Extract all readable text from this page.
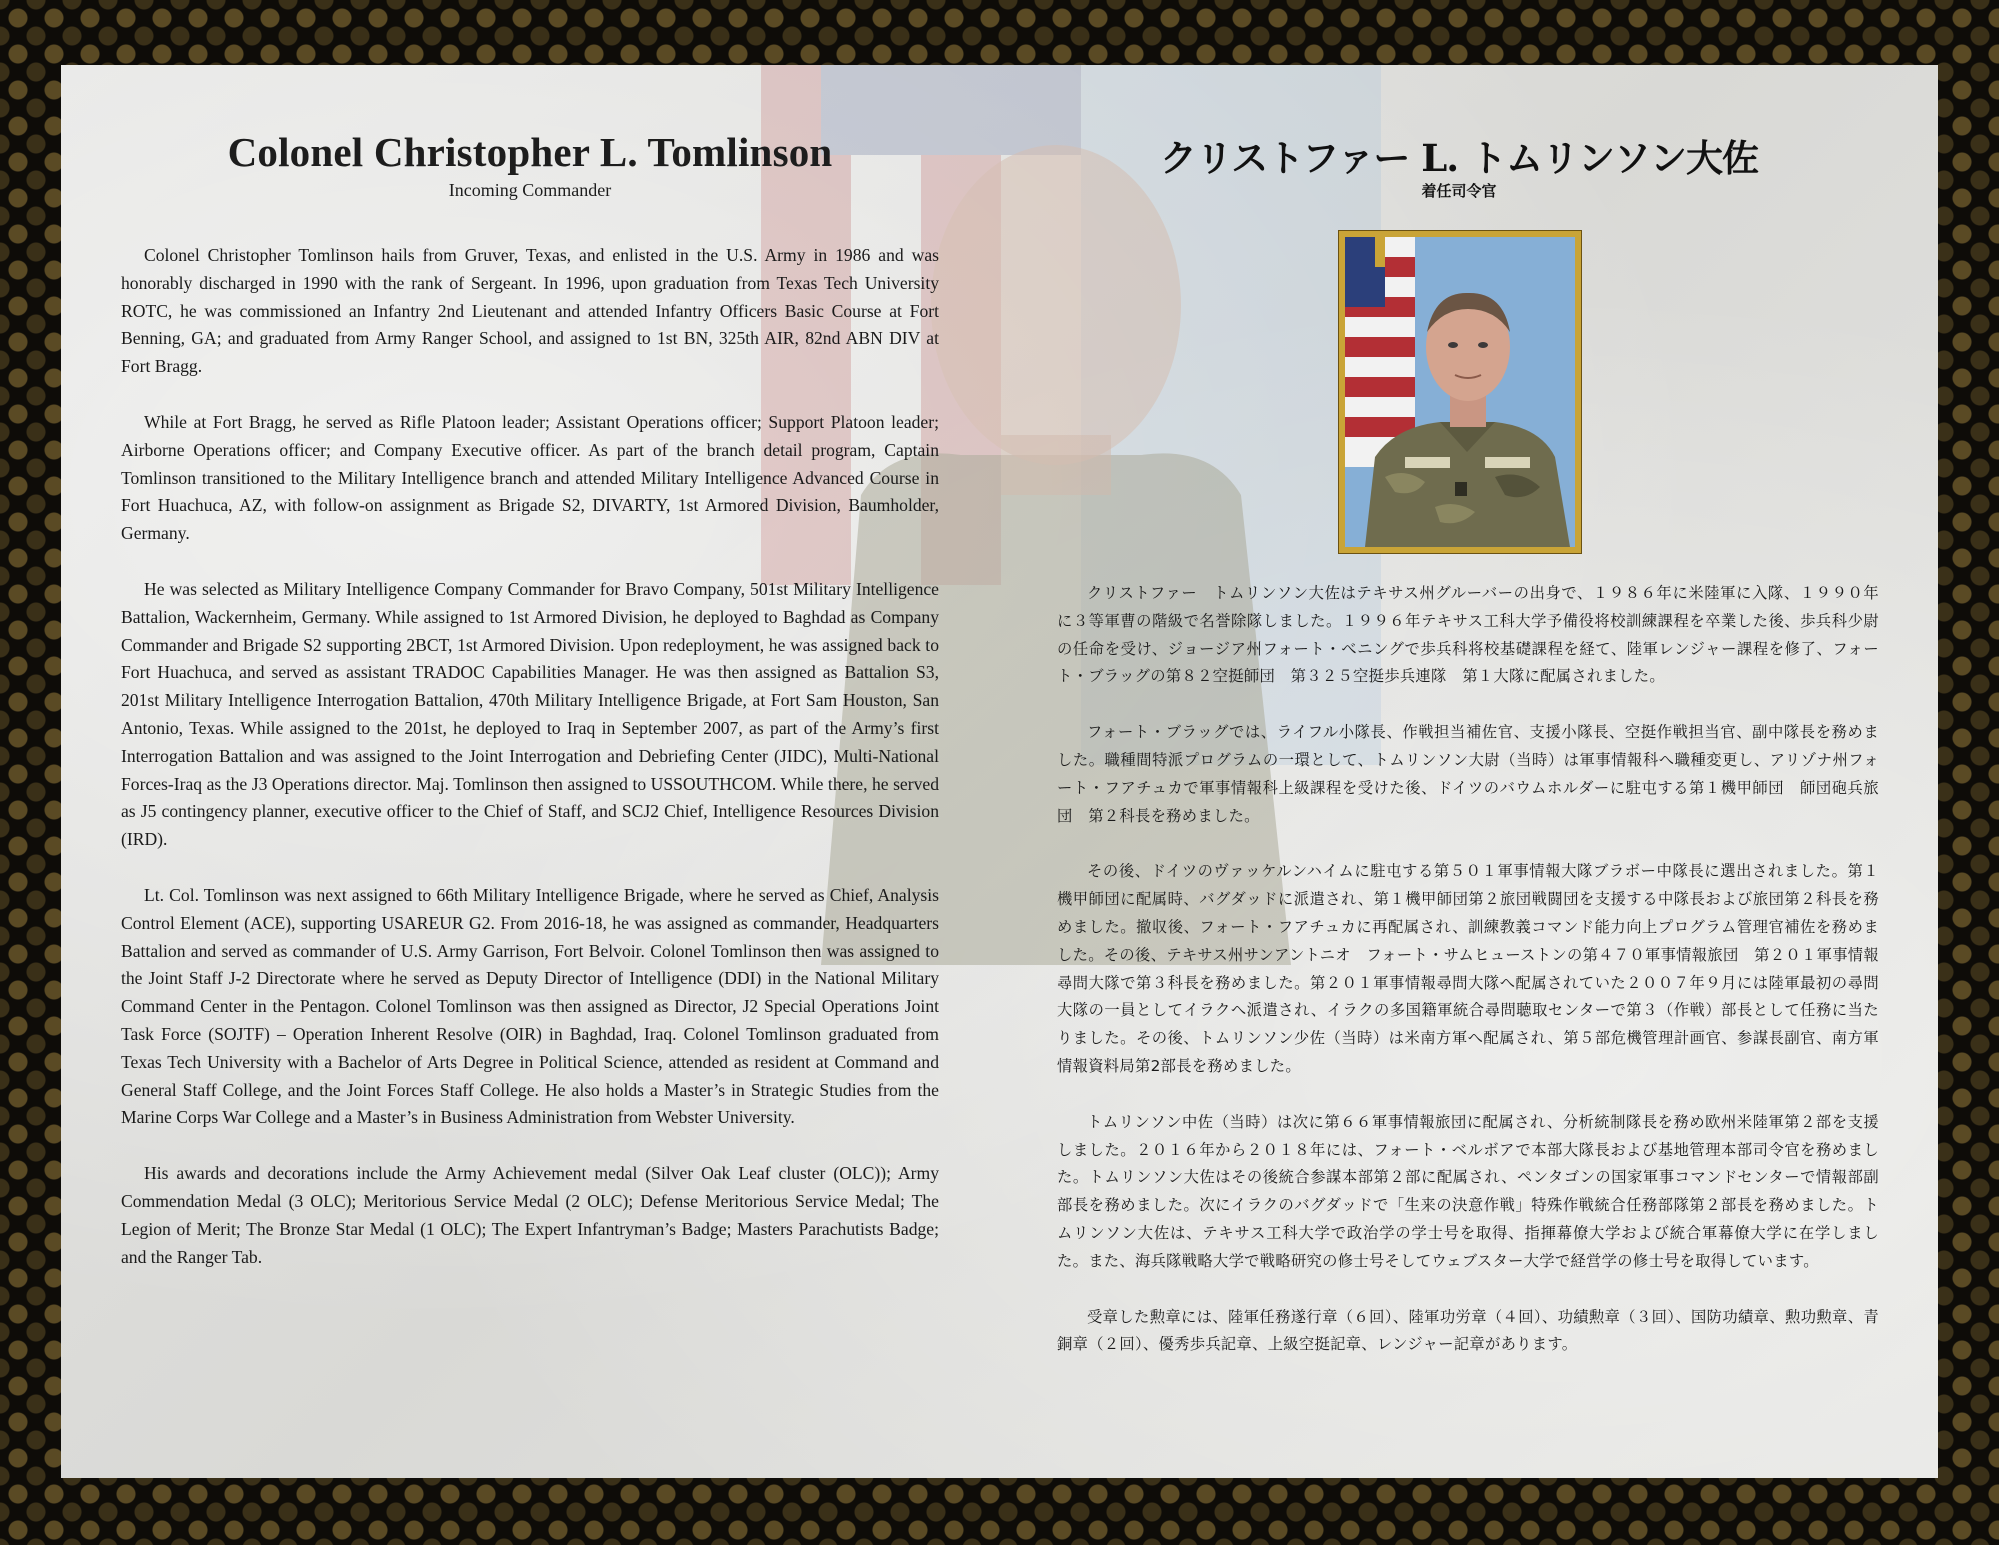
Colonel Christopher L. Tomlinson
Incoming Commander

Colonel Christopher Tomlinson hails from Gruver, Texas, and enlisted in the U.S. Army in 1986 and was honorably discharged in 1990 with the rank of Sergeant. In 1996, upon graduation from Texas Tech University ROTC, he was commissioned an Infantry 2nd Lieutenant and attended Infantry Officers Basic Course at Fort Benning, GA; and graduated from Army Ranger School, and assigned to 1st BN, 325th AIR, 82nd ABN DIV at Fort Bragg.

While at Fort Bragg, he served as Rifle Platoon leader; Assistant Operations officer; Support Platoon leader; Airborne Operations officer; and Company Executive officer. As part of the branch detail program, Captain Tomlinson transitioned to the Military Intelligence branch and attended Military Intelligence Advanced Course in Fort Huachuca, AZ, with follow-on assignment as Brigade S2, DIVARTY, 1st Armored Division, Baumholder, Germany.

He was selected as Military Intelligence Company Commander for Bravo Company, 501st Military Intelligence Battalion, Wackernheim, Germany. While assigned to 1st Armored Division, he deployed to Baghdad as Company Commander and Brigade S2 supporting 2BCT, 1st Armored Division. Upon redeployment, he was assigned back to Fort Huachuca, and served as assistant TRADOC Capabilities Manager. He was then assigned as Battalion S3, 201st Military Intelligence Interrogation Battalion, 470th Military Intelligence Brigade, at Fort Sam Houston, San Antonio, Texas. While assigned to the 201st, he deployed to Iraq in September 2007, as part of the Army’s first Interrogation Battalion and was assigned to the Joint Interrogation and Debriefing Center (JIDC), Multi-National Forces-Iraq as the J3 Operations director. Maj. Tomlinson then assigned to USSOUTHCOM. While there, he served as J5 contingency planner, executive officer to the Chief of Staff, and SCJ2 Chief, Intelligence Resources Division (IRD).

Lt. Col. Tomlinson was next assigned to 66th Military Intelligence Brigade, where he served as Chief, Analysis Control Element (ACE), supporting USAREUR G2. From 2016-18, he was assigned as commander, Headquarters Battalion and served as commander of U.S. Army Garrison, Fort Belvoir. Colonel Tomlinson then was assigned to the Joint Staff J-2 Directorate where he served as Deputy Director of Intelligence (DDI) in the National Military Command Center in the Pentagon. Colonel Tomlinson was then assigned as Director, J2 Special Operations Joint Task Force (SOJTF) – Operation Inherent Resolve (OIR) in Baghdad, Iraq. Colonel Tomlinson graduated from Texas Tech University with a Bachelor of Arts Degree in Political Science, attended as resident at Command and General Staff College, and the Joint Forces Staff College. He also holds a Master’s in Strategic Studies from the Marine Corps War College and a Master’s in Business Administration from Webster University.

His awards and decorations include the Army Achievement medal (Silver Oak Leaf cluster (OLC)); Army Commendation Medal (3 OLC); Meritorious Service Medal (2 OLC); Defense Meritorious Service Medal; The Legion of Merit; The Bronze Star Medal (1 OLC); The Expert Infantryman’s Badge; Masters Parachutists Badge; and the Ranger Tab.

クリストファー L. トムリンソン大佐
着任司令官

クリストファー　トムリンソン大佐はテキサス州グルーバーの出身で、１９８６年に米陸軍に入隊、１９９０年に３等軍曹の階級で名誉除隊しました。１９９６年テキサス工科大学予備役将校訓練課程を卒業した後、歩兵科少尉の任命を受け、ジョージア州フォート・べニングで歩兵科将校基礎課程を経て、陸軍レンジャー課程を修了、フォート・ブラッグの第８２空挺師団　第３２５空挺歩兵連隊　第１大隊に配属されました。

フォート・ブラッグでは、ライフル小隊長、作戦担当補佐官、支援小隊長、空挺作戦担当官、副中隊長を務めました。職種間特派プログラムの一環として、トムリンソン大尉（当時）は軍事情報科へ職種変更し、アリゾナ州フォート・フアチュカで軍事情報科上級課程を受けた後、ドイツのバウムホルダーに駐屯する第１機甲師団　師団砲兵旅団　第２科長を務めました。

その後、ドイツのヴァッケルンハイムに駐屯する第５０１軍事情報大隊ブラボー中隊長に選出されました。第１機甲師団に配属時、バグダッドに派遣され、第１機甲師団第２旅団戦闘団を支援する中隊長および旅団第２科長を務めました。撤収後、フォート・フアチュカに再配属され、訓練教義コマンド能力向上プログラム管理官補佐を務めました。その後、テキサス州サンアントニオ　フォート・サムヒューストンの第４７０軍事情報旅団　第２０１軍事情報尋問大隊で第３科長を務めました。第２０１軍事情報尋問大隊へ配属されていた２００７年９月には陸軍最初の尋問大隊の一員としてイラクへ派遣され、イラクの多国籍軍統合尋問聴取センターで第３（作戦）部長として任務に当たりました。その後、トムリンソン少佐（当時）は米南方軍へ配属され、第５部危機管理計画官、参謀長副官、南方軍情報資料局第2部長を務めました。

トムリンソン中佐（当時）は次に第６６軍事情報旅団に配属され、分析統制隊長を務め欧州米陸軍第２部を支援しました。２０１６年から２０１８年には、フォート・ベルボアで本部大隊長および基地管理本部司令官を務めました。トムリンソン大佐はその後統合参謀本部第２部に配属され、ペンタゴンの国家軍事コマンドセンターで情報部副部長を務めました。次にイラクのバグダッドで「生来の決意作戦」特殊作戦統合任務部隊第２部長を務めました。トムリンソン大佐は、テキサス工科大学で政治学の学士号を取得、指揮幕僚大学および統合軍幕僚大学に在学しました。また、海兵隊戦略大学で戦略研究の修士号そしてウェブスター大学で経営学の修士号を取得しています。

受章した勲章には、陸軍任務遂行章（６回）、陸軍功労章（４回）、功績勲章（３回）、国防功績章、勲功勲章、青銅章（２回）、優秀歩兵記章、上級空挺記章、レンジャー記章があります。
